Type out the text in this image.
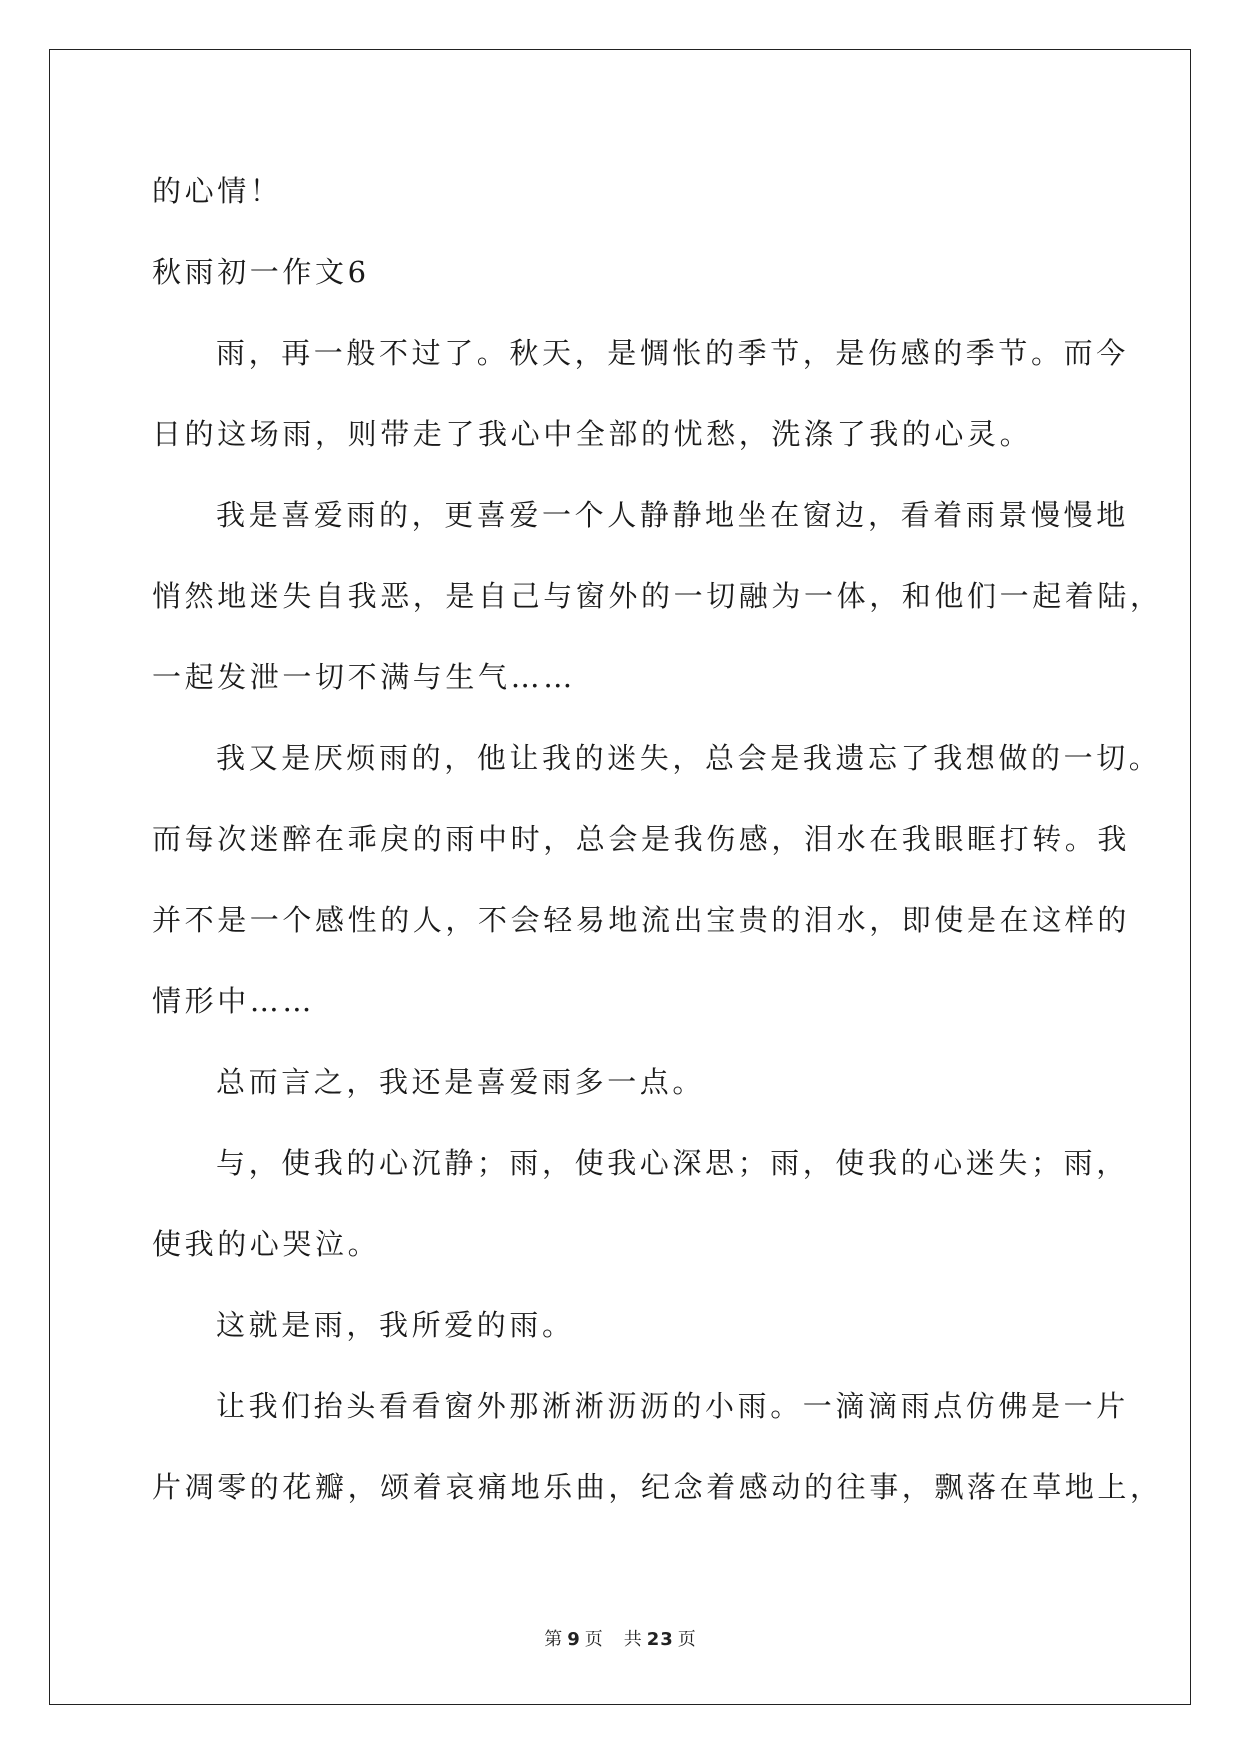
的心情！
秋雨初一作文6
雨，再一般不过了。秋天，是惆怅的季节，是伤感的季节。而今
日的这场雨，则带走了我心中全部的忧愁，洗涤了我的心灵。
我是喜爱雨的，更喜爱一个人静静地坐在窗边，看着雨景慢慢地
悄然地迷失自我恶，是自己与窗外的一切融为一体，和他们一起着陆，
一起发泄一切不满与生气……
我又是厌烦雨的，他让我的迷失，总会是我遗忘了我想做的一切。
而每次迷醉在乖戾的雨中时，总会是我伤感，泪水在我眼眶打转。我
并不是一个感性的人，不会轻易地流出宝贵的泪水，即使是在这样的
情形中……
总而言之，我还是喜爱雨多一点。
与，使我的心沉静；雨，使我心深思；雨，使我的心迷失；雨，
使我的心哭泣。
这就是雨，我所爱的雨。
让我们抬头看看窗外那淅淅沥沥的小雨。一滴滴雨点仿佛是一片
片凋零的花瓣，颂着哀痛地乐曲，纪念着感动的往事，飘落在草地上，
第 9 页 共 23 页
